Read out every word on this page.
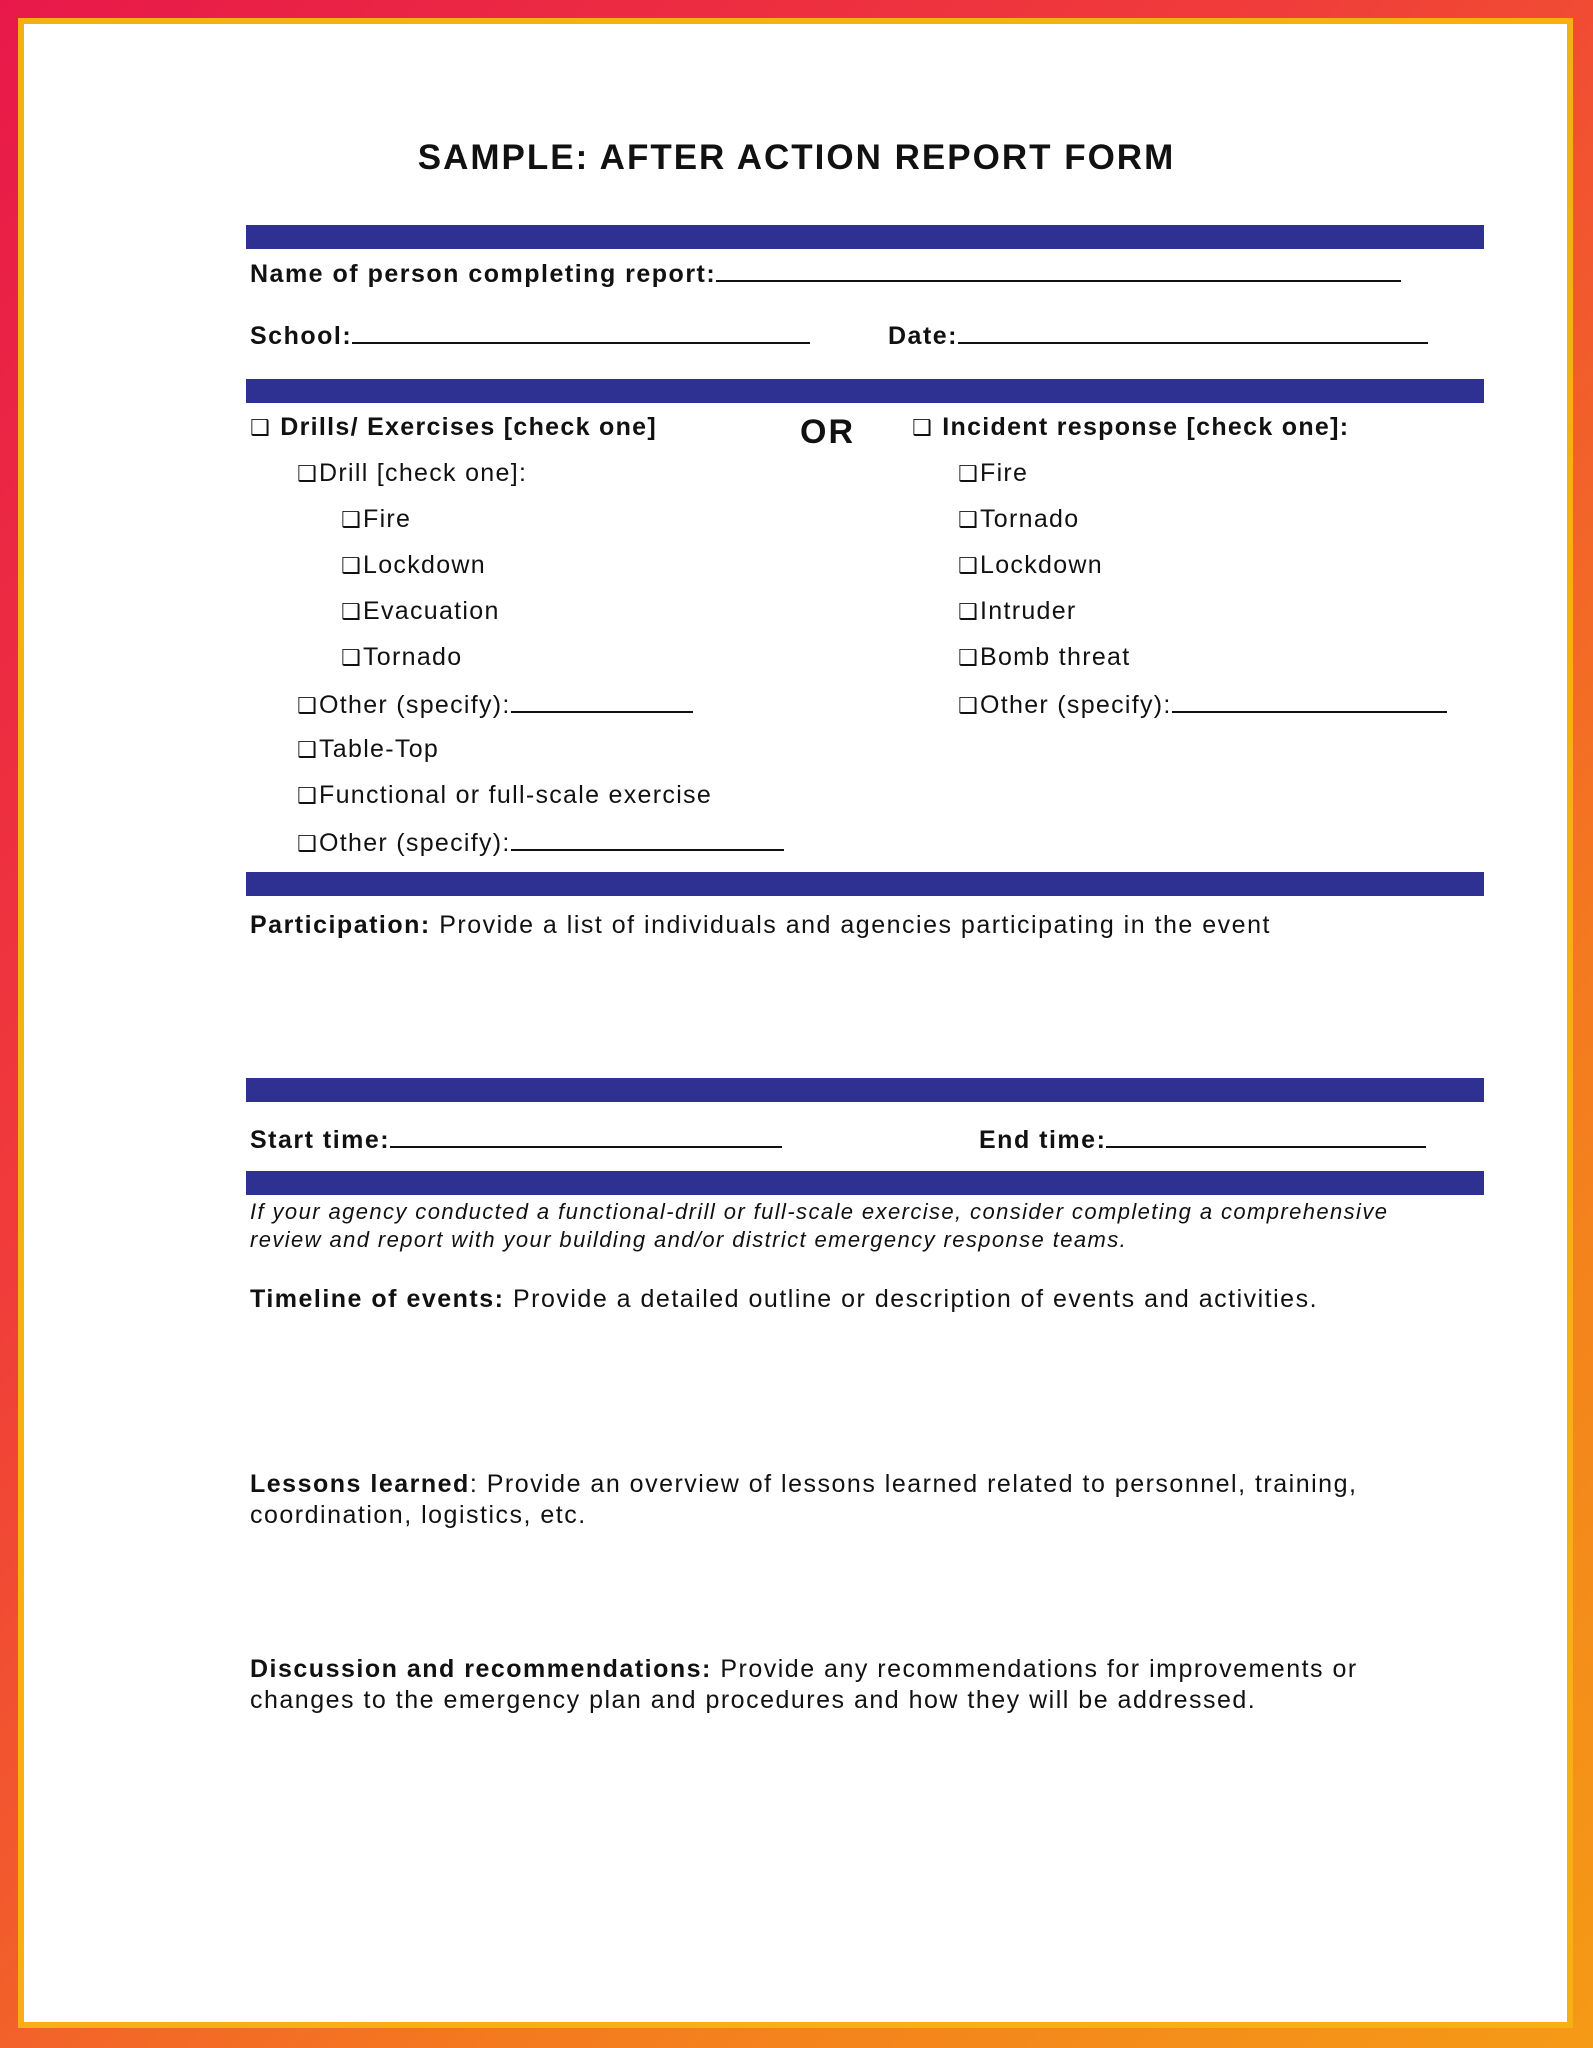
SAMPLE: AFTER ACTION REPORT FORM
Name of person completing report:
School:	Date:
❑ Drills/ Exercises [check one]	OR
❑Drill [check one]:
❑Fire
❑Lockdown
❑Evacuation
❑Tornado
❑Other (specify):
❑Table-Top
❑Functional or full-scale exercise
❑Other (specify):
❑ Incident response [check one]:
❑Fire
❑Tornado
❑Lockdown
❑Intruder
❑Bomb threat
❑Other (specify):
Participation: Provide a list of individuals and agencies participating in the event
Start time:	End time:
If your agency conducted a functional-drill or full-scale exercise, consider completing a comprehensive
review and report with your building and/or district emergency response teams.
Timeline of events: Provide a detailed outline or description of events and activities.
Lessons learned: Provide an overview of lessons learned related to personnel, training,
coordination, logistics, etc.
Discussion and recommendations: Provide any recommendations for improvements or
changes to the emergency plan and procedures and how they will be addressed.
